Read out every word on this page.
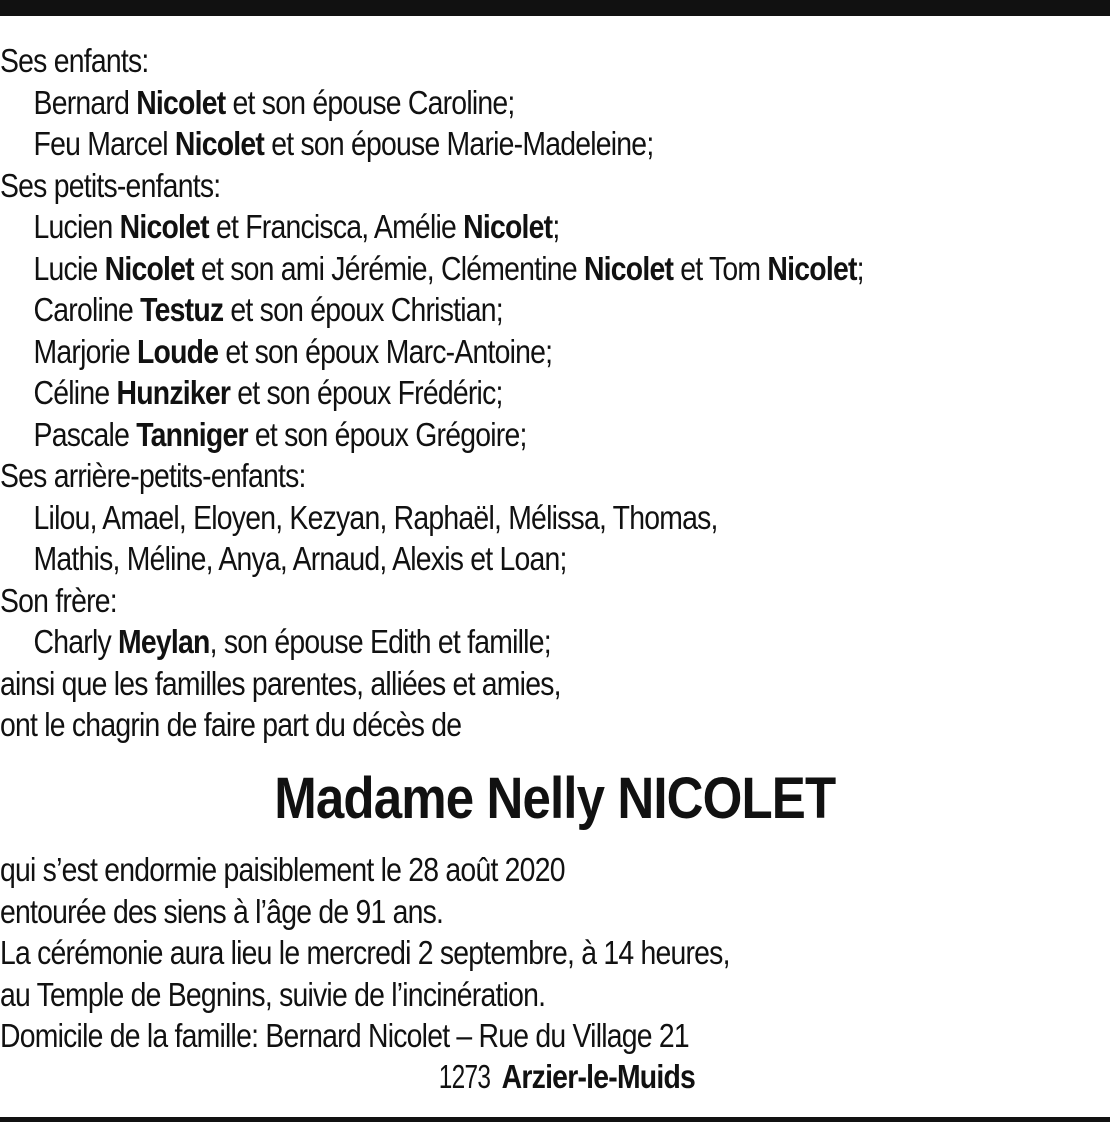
Ses enfants:
Bernard Nicolet et son épouse Caroline;
Feu Marcel Nicolet et son épouse Marie-Madeleine;
Ses petits-enfants:
Lucien Nicolet et Francisca, Amélie Nicolet;
Lucie Nicolet et son ami Jérémie, Clémentine Nicolet et Tom Nicolet;
Caroline Testuz et son époux Christian;
Marjorie Loude et son époux Marc-Antoine;
Céline Hunziker et son époux Frédéric;
Pascale Tanniger et son époux Grégoire;
Ses arrière-petits-enfants:
Lilou, Amael, Eloyen, Kezyan, Raphaël, Mélissa, Thomas,
Mathis, Méline, Anya, Arnaud, Alexis et Loan;
Son frère:
Charly Meylan, son épouse Edith et famille;
ainsi que les familles parentes, alliées et amies,
ont le chagrin de faire part du décès de
Madame Nelly NICOLET
qui s’est endormie paisiblement le 28 août 2020
entourée des siens à l’âge de 91 ans.
La cérémonie aura lieu le mercredi 2 septembre, à 14 heures,
au Temple de Begnins, suivie de l’incinération.
Domicile de la famille: Bernard Nicolet – Rue du Village 21
1273 Arzier-le-Muids
